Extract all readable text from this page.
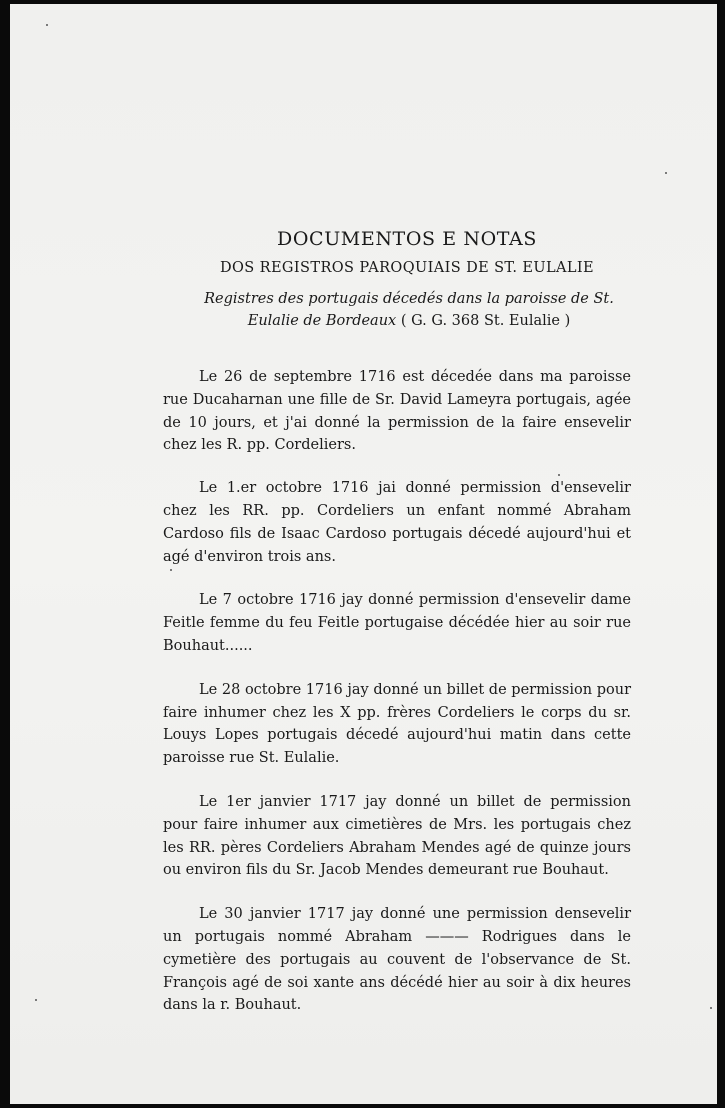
DOCUMENTOS E NOTAS

DOS REGISTROS PAROQUIAIS DE ST. EULALIE

Registres des portugais décedés dans la paroisse de St. Eulalie de Bordeaux ( G. G. 368 St. Eulalie )

Le 26 de septembre 1716 est décedée dans ma paroisse rue Ducaharnan une fille de Sr. David Lameyra portugais, agée de 10 jours, et j'ai donné la permission de la faire ensevelir chez les R. pp. Cordeliers.

Le 1.er octobre 1716 jai donné permission d'ensevelir chez les RR. pp. Cordeliers un enfant nommé Abraham Cardoso fils de Isaac Cardoso portugais décedé aujourd'hui et agé d'environ trois ans.

Le 7 octobre 1716 jay donné permission d'ensevelir dame Feitle femme du feu Feitle portugaise décédée hier au soir rue Bouhaut......

Le 28 octobre 1716 jay donné un billet de permission pour faire inhumer chez les X pp. frères Cordeliers le corps du sr. Louys Lopes portugais décedé aujourd'hui matin dans cette paroisse rue St. Eulalie.

Le 1er janvier 1717 jay donné un billet de permission pour faire inhumer aux cimetières de Mrs. les portugais chez les RR. pères Cordeliers Abraham Mendes agé de quinze jours ou environ fils du Sr. Jacob Mendes demeurant rue Bouhaut.

Le 30 janvier 1717 jay donné une permission densevelir un portugais nommé Abraham ——— Rodrigues dans le cymetière des portugais au couvent de l'observance de St. François agé de soi xante ans décédé hier au soir à dix heures dans la r. Bouhaut.
